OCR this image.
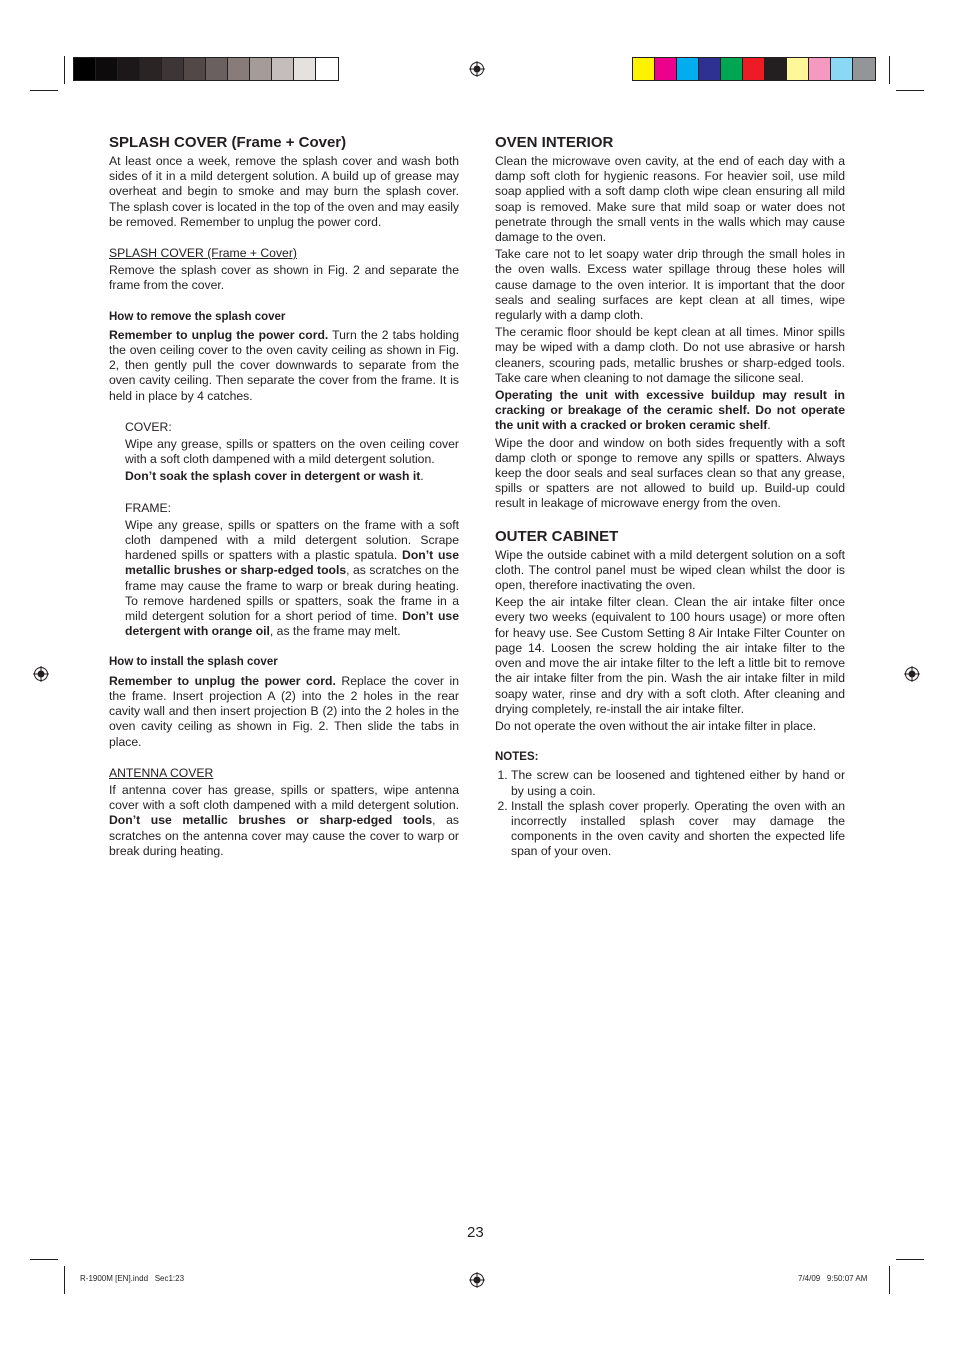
SPLASH COVER (Frame + Cover)

At least once a week, remove the splash cover and wash both sides of it in a mild detergent solution. A build up of grease may overheat and begin to smoke and may burn the splash cover. The splash cover is located in the top of the oven and may easily be removed. Remember to unplug the power cord.

SPLASH COVER (Frame + Cover)

Remove the splash cover as shown in Fig. 2 and separate the frame from the cover.

How to remove the splash cover

Remember to unplug the power cord. Turn the 2 tabs holding the oven ceiling cover to the oven cavity ceiling as shown in Fig. 2, then gently pull the cover downwards to separate from the oven cavity ceiling. Then separate the cover from the frame. It is held in place by 4 catches.

COVER:

Wipe any grease, spills or spatters on the oven ceiling cover with a soft cloth dampened with a mild detergent solution.

Don’t soak the splash cover in detergent or wash it.

FRAME:

Wipe any grease, spills or spatters on the frame with a soft cloth dampened with a mild detergent solution. Scrape hardened spills or spatters with a plastic spatula. Don’t use metallic brushes or sharp-edged tools, as scratches on the frame may cause the frame to warp or break during heating. To remove hardened spills or spatters, soak the frame in a mild detergent solution for a short period of time. Don’t use detergent with orange oil, as the frame may melt.

How to install the splash cover

Remember to unplug the power cord. Replace the cover in the frame. Insert projection A (2) into the 2 holes in the rear cavity wall and then insert projection B (2) into the 2 holes in the oven cavity ceiling as shown in Fig. 2. Then slide the tabs in place.

ANTENNA COVER

If antenna cover has grease, spills or spatters, wipe antenna cover with a soft cloth dampened with a mild detergent solution. Don’t use metallic brushes or sharp-edged tools, as scratches on the antenna cover may cause the cover to warp or break during heating.

OVEN INTERIOR

Clean the microwave oven cavity, at the end of each day with a damp soft cloth for hygienic reasons. For heavier soil, use mild soap applied with a soft damp cloth wipe clean ensuring all mild soap is removed. Make sure that mild soap or water does not penetrate through the small vents in the walls which may cause damage to the oven.

Take care not to let soapy water drip through the small holes in the oven walls. Excess water spillage throug these holes will cause damage to the oven interior. It is important that the door seals and sealing surfaces are kept clean at all times, wipe regularly with a damp cloth.

The ceramic floor should be kept clean at all times. Minor spills may be wiped with a damp cloth. Do not use abrasive or harsh cleaners, scouring pads, metallic brushes or sharp-edged tools. Take care when cleaning to not damage the silicone seal.

Operating the unit with excessive buildup may result in cracking or breakage of the ceramic shelf. Do not operate the unit with a cracked or broken ceramic shelf.

Wipe the door and window on both sides frequently with a soft damp cloth or sponge to remove any spills or spatters. Always keep the door seals and seal surfaces clean so that any grease, spills or spatters are not allowed to build up. Build-up could result in leakage of microwave energy from the oven.

OUTER CABINET

Wipe the outside cabinet with a mild detergent solution on a soft cloth. The control panel must be wiped clean whilst the door is open, therefore inactivating the oven.

Keep the air intake filter clean. Clean the air intake filter once every two weeks (equivalent to 100 hours usage) or more often for heavy use. See Custom Setting 8 Air Intake Filter Counter on page 14. Loosen the screw holding the air intake filter to the oven and move the air intake filter to the left a little bit to remove the air intake filter from the pin. Wash the air intake filter in mild soapy water, rinse and dry with a soft cloth. After cleaning and drying completely, re-install the air intake filter.

Do not operate the oven without the air intake filter in place.

NOTES:
1. The screw can be loosened and tightened either by hand or by using a coin.
2. Install the splash cover properly. Operating the oven with an incorrectly installed splash cover may damage the components in the oven cavity and shorten the expected life span of your oven.
23
R-1900M [EN].indd   Sec1:23	7/4/09   9:50:07 AM
